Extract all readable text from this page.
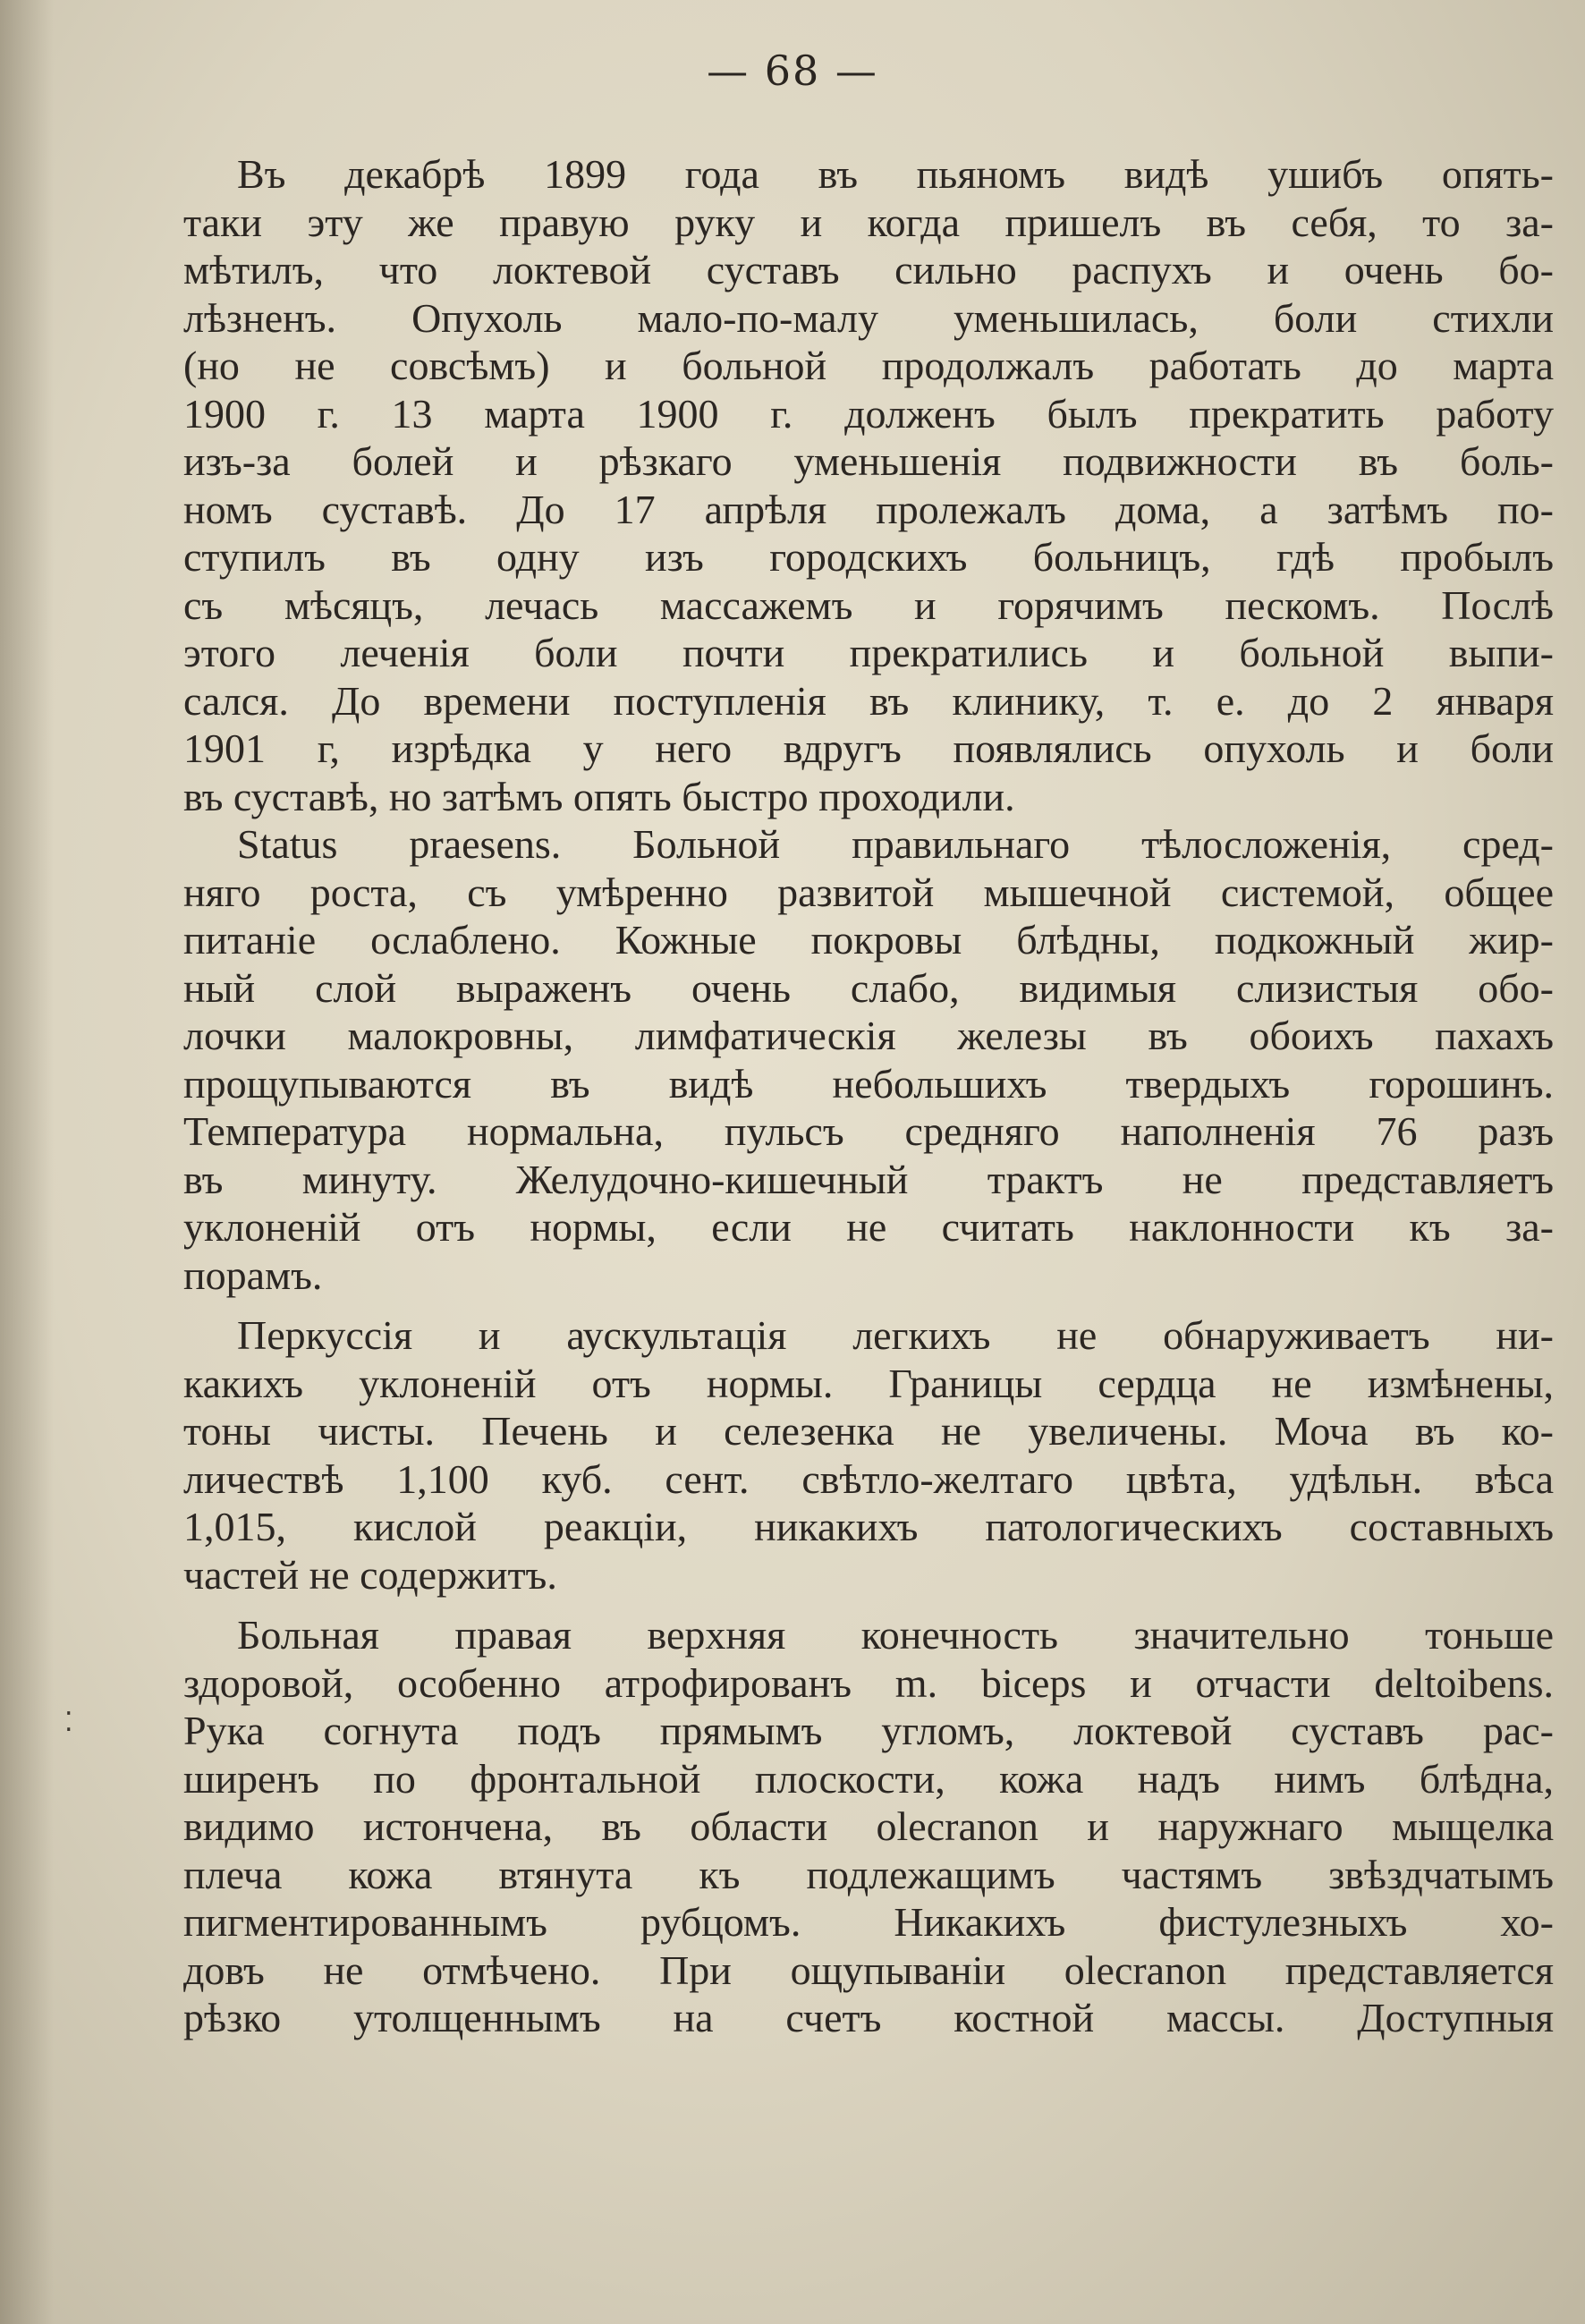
— 68 —
⁚
Въ декабрѣ 1899 года въ пьяномъ видѣ ушибъ опять-
таки эту же правую руку и когда пришелъ въ себя, то за-
мѣтилъ, что локтевой суставъ сильно распухъ и очень бо-
лѣзненъ. Опухоль мало-по-малу уменьшилась, боли стихли
(но не совсѣмъ) и больной продолжалъ работать до марта
1900 г. 13 марта 1900 г. долженъ былъ прекратить работу
изъ-за болей и рѣзкаго уменьшенія подвижности въ боль-
номъ суставѣ. До 17 апрѣля пролежалъ дома, а затѣмъ по-
ступилъ въ одну изъ городскихъ больницъ, гдѣ пробылъ
съ мѣсяцъ, лечась массажемъ и горячимъ пескомъ. Послѣ
этого леченія боли почти прекратились и больной выпи-
сался. До времени поступленія въ клинику, т. е. до 2 января
1901 г, изрѣдка у него вдругъ появлялись опухоль и боли
въ суставѣ, но затѣмъ опять быстро проходили.
Status praesens. Больной правильнаго тѣлосложенія, сред-
няго роста, съ умѣренно развитой мышечной системой, общее
питаніе ослаблено. Кожные покровы блѣдны, подкожный жир-
ный слой выраженъ очень слабо, видимыя слизистыя обо-
лочки малокровны, лимфатическія железы въ обоихъ пахахъ
прощупываются въ видѣ небольшихъ твердыхъ горошинъ.
Температура нормальна, пульсъ средняго наполненія 76 разъ
въ минуту. Желудочно-кишечный трактъ не представляетъ
уклоненій отъ нормы, если не считать наклонности къ за-
порамъ.
Перкуссія и аускультація легкихъ не обнаруживаетъ ни-
какихъ уклоненій отъ нормы. Границы сердца не измѣнены,
тоны чисты. Печень и селезенка не увеличены. Моча въ ко-
личествѣ 1,100 куб. сент. свѣтло-желтаго цвѣта, удѣльн. вѣса
1,015, кислой реакціи, никакихъ патологическихъ составныхъ
частей не содержитъ.
Больная правая верхняя конечность значительно тоньше
здоровой, особенно атрофированъ m. biceps и отчасти deltoibens.
Рука согнута подъ прямымъ угломъ, локтевой суставъ рас-
ширенъ по фронтальной плоскости, кожа надъ нимъ блѣдна,
видимо истончена, въ области olecranon и наружнаго мыщелка
плеча кожа втянута къ подлежащимъ частямъ звѣздчатымъ
пигментированнымъ рубцомъ. Никакихъ фистулезныхъ хо-
довъ не отмѣчено. При ощупываніи olecranon представляется
рѣзко утолщеннымъ на счетъ костной массы. Доступныя
